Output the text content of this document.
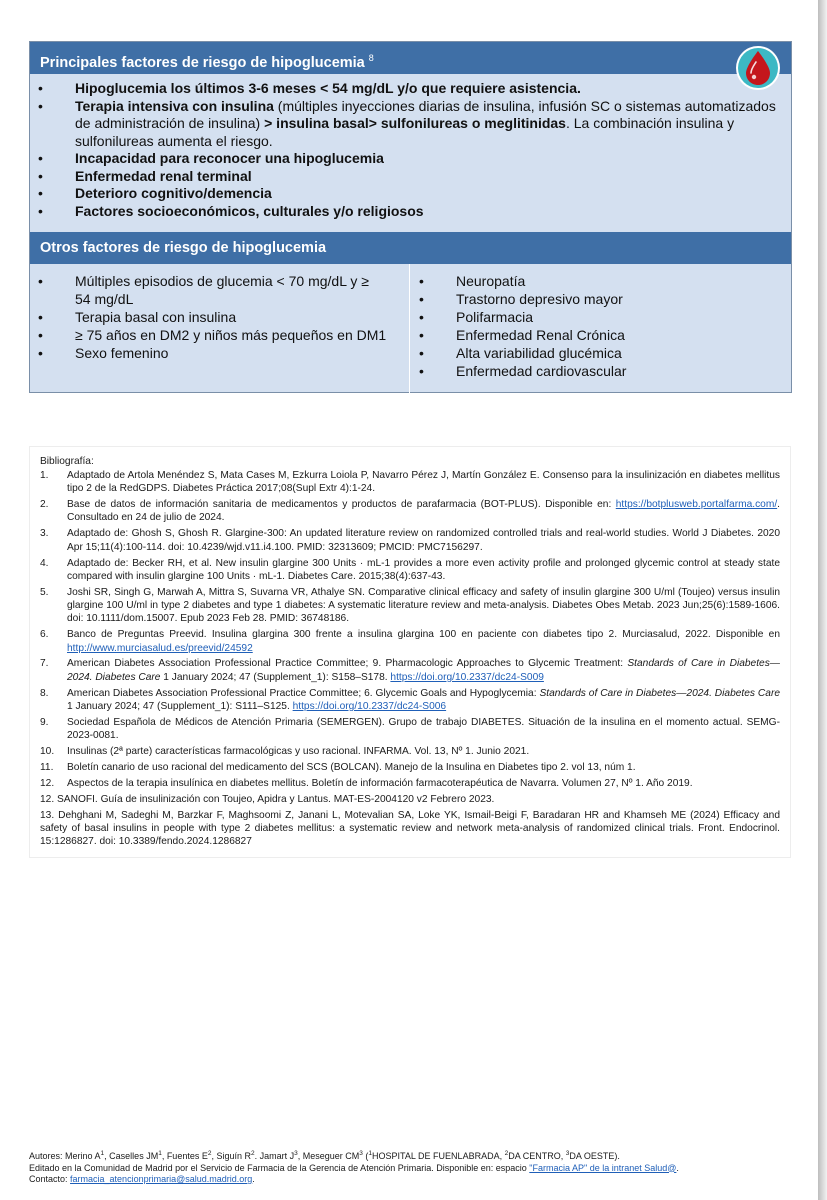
Principales factores de riesgo de hipoglucemia $^8$
•	Hipoglucemia los últimos 3-6 meses < 54 mg/dL y/o que requiere asistencia.
•	Terapia intensiva con insulina (múltiples inyecciones diarias de insulina, infusión SC o sistemas automatizados de administración de insulina) > insulina basal> sulfonilureas o meglitinidas. La combinación insulina y sulfonilureas aumenta el riesgo.
•	Incapacidad para reconocer una hipoglucemia
•	Enfermedad renal terminal
•	Deterioro cognitivo/demencia
•	Factores socioeconómicos, culturales y/o religiosos
Otros factores de riesgo de hipoglucemia
• Múltiples episodios de glucemia < 70 mg/dL y ≥ 54 mg/dL
• Terapia basal con insulina
• ≥ 75 años en DM2 y niños más pequeños en DM1
• Sexo femenino
• Neuropatía
• Trastorno depresivo mayor
• Polifarmacia
• Enfermedad Renal Crónica
• Alta variabilidad glucémica
• Enfermedad cardiovascular
Bibliografía:
1. Adaptado de Artola Menéndez S, Mata Cases M, Ezkurra Loiola P, Navarro Pérez J, Martín González E. Consenso para la insulinización en diabetes mellitus tipo 2 de la RedGDPS. Diabetes Práctica 2017;08(Supl Extr 4):1-24.
2. Base de datos de información sanitaria de medicamentos y productos de parafarmacia (BOT-PLUS). Disponible en: https://botplusweb.portalfarma.com/. Consultado en 24 de julio de 2024.
3. Adaptado de: Ghosh S, Ghosh R. Glargine-300: An updated literature review on randomized controlled trials and real-world studies. World J Diabetes. 2020 Apr 15;11(4):100-114. doi: 10.4239/wjd.v11.i4.100. PMID: 32313609; PMCID: PMC7156297.
4. Adaptado de: Becker RH, et al. New insulin glargine 300 Units · mL-1 provides a more even activity profile and prolonged glycemic control at steady state compared with insulin glargine 100 Units · mL-1. Diabetes Care. 2015;38(4):637-43.
5. Joshi SR, Singh G, Marwah A, Mittra S, Suvarna VR, Athalye SN. Comparative clinical efficacy and safety of insulin glargine 300 U/ml (Toujeo) versus insulin glargine 100 U/ml in type 2 diabetes and type 1 diabetes: A systematic literature review and meta-analysis. Diabetes Obes Metab. 2023 Jun;25(6):1589-1606. doi: 10.1111/dom.15007. Epub 2023 Feb 28. PMID: 36748186.
6. Banco de Preguntas Preevid. Insulina glargina 300 frente a insulina glargina 100 en paciente con diabetes tipo 2. Murciasalud, 2022. Disponible en http://www.murciasalud.es/preevid/24592
7. American Diabetes Association Professional Practice Committee; 9. Pharmacologic Approaches to Glycemic Treatment: Standards of Care in Diabetes—2024. Diabetes Care 1 January 2024; 47 (Supplement_1): S158–S178. https://doi.org/10.2337/dc24-S009
8. American Diabetes Association Professional Practice Committee; 6. Glycemic Goals and Hypoglycemia: Standards of Care in Diabetes—2024. Diabetes Care 1 January 2024; 47 (Supplement_1): S111–S125. https://doi.org/10.2337/dc24-S006
9. Sociedad Española de Médicos de Atención Primaria (SEMERGEN). Grupo de trabajo DIABETES. Situación de la insulina en el momento actual. SEMG-2023-0081.
10. Insulinas (2ª parte) características farmacológicas y uso racional. INFARMA. Vol. 13, Nº 1. Junio 2021.
11. Boletín canario de uso racional del medicamento del SCS (BOLCAN). Manejo de la Insulina en Diabetes tipo 2. vol 13, núm 1.
12. Aspectos de la terapia insulínica en diabetes mellitus. Boletín de información farmacoterapéutica de Navarra. Volumen 27, Nº 1. Año 2019.
12. SANOFI. Guía de insulinización con Toujeo, Apidra y Lantus. MAT-ES-2004120 v2 Febrero 2023.
13. Dehghani M, Sadeghi M, Barzkar F, Maghsoomi Z, Janani L, Motevalian SA, Loke YK, Ismail-Beigi F, Baradaran HR and Khamseh ME (2024) Efficacy and safety of basal insulins in people with type 2 diabetes mellitus: a systematic review and network meta-analysis of randomized clinical trials. Front. Endocrinol. 15:1286827. doi: 10.3389/fendo.2024.1286827
Autores: Merino $A^1$, Caselles $JM^1$, Fuentes $E^2$, Siguín $R^2$. Jamart $J^3$, Meseguer $CM^3$ ($^1$HOSPITAL DE FUENLABRADA, $^2$DA CENTRO, $^3$DA OESTE).
Editado en la Comunidad de Madrid por el Servicio de Farmacia de la Gerencia de Atención Primaria. Disponible en: espacio "Farmacia AP" de la intranet Salud@.
Contacto: farmacia_atencionprimaria@salud.madrid.org.
